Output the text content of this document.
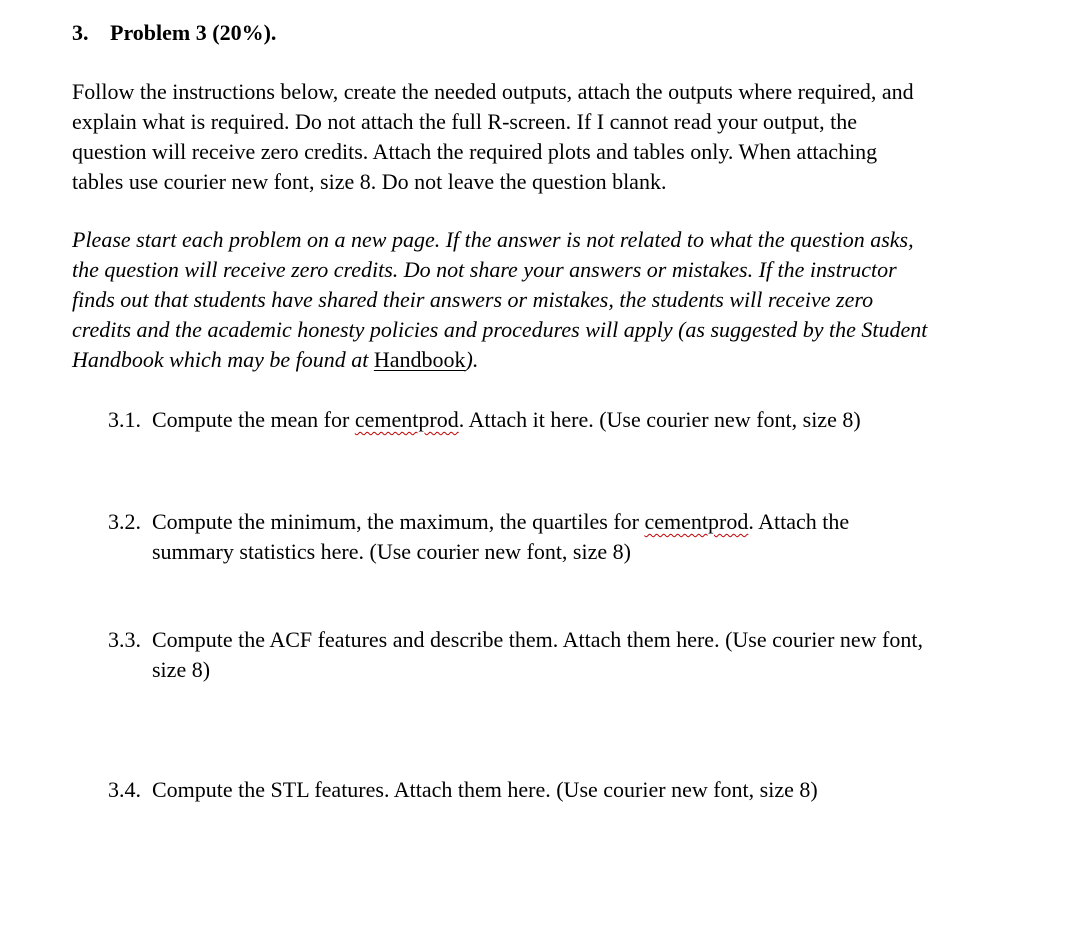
3. Problem 3 (20%).
Follow the instructions below, create the needed outputs, attach the outputs where required, and
explain what is required. Do not attach the full R-screen. If I cannot read your output, the
question will receive zero credits. Attach the required plots and tables only. When attaching
tables use courier new font, size 8. Do not leave the question blank.
Please start each problem on a new page. If the answer is not related to what the question asks,
the question will receive zero credits. Do not share your answers or mistakes. If the instructor
finds out that students have shared their answers or mistakes, the students will receive zero
credits and the academic honesty policies and procedures will apply (as suggested by the Student
Handbook which may be found at Handbook).
3.1. Compute the mean for cementprod. Attach it here. (Use courier new font, size 8)
3.2. Compute the minimum, the maximum, the quartiles for cementprod. Attach the
summary statistics here. (Use courier new font, size 8)
3.3. Compute the ACF features and describe them. Attach them here. (Use courier new font,
size 8)
3.4. Compute the STL features. Attach them here. (Use courier new font, size 8)
